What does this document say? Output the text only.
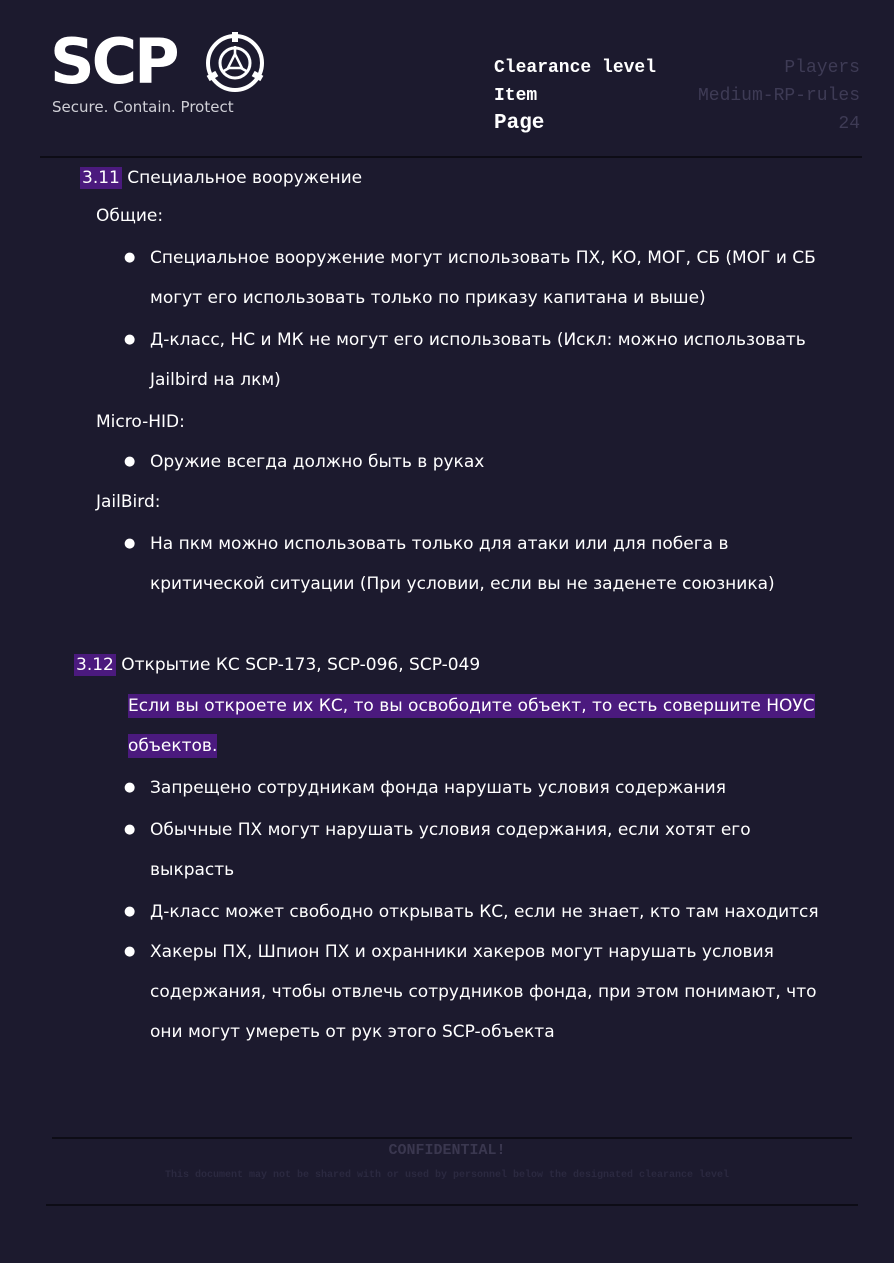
SCP
Secure. Contain. Protect
Clearance level	Players
Item	Medium-RP-rules
Page	24
3.11 Специальное вооружение
Общие:
● Специальное вооружение могут использовать ПХ, КО, МОГ, СБ (МОГ и СБ
могут его использовать только по приказу капитана и выше)
● Д-класс, НС и МК не могут его использовать (Искл: можно использовать
Jailbird на лкм)
Micro-HID:
● Оружие всегда должно быть в руках
JailBird:
● На пкм можно использовать только для атаки или для побега в
критической ситуации (При условии, если вы не заденете союзника)
3.12 Открытие КС SCP-173, SCP-096, SCP-049
Если вы откроете их КС, то вы освободите объект, то есть совершите НОУС
объектов.
● Запрещено сотрудникам фонда нарушать условия содержания
● Обычные ПХ могут нарушать условия содержания, если хотят его
выкрасть
● Д-класс может свободно открывать КС, если не знает, кто там находится
● Хакеры ПХ, Шпион ПХ и охранники хакеров могут нарушать условия
содержания, чтобы отвлечь сотрудников фонда, при этом понимают, что
они могут умереть от рук этого SCP-объекта
CONFIDENTIAL!
This document may not be shared with or used by personnel below the designated clearance level
